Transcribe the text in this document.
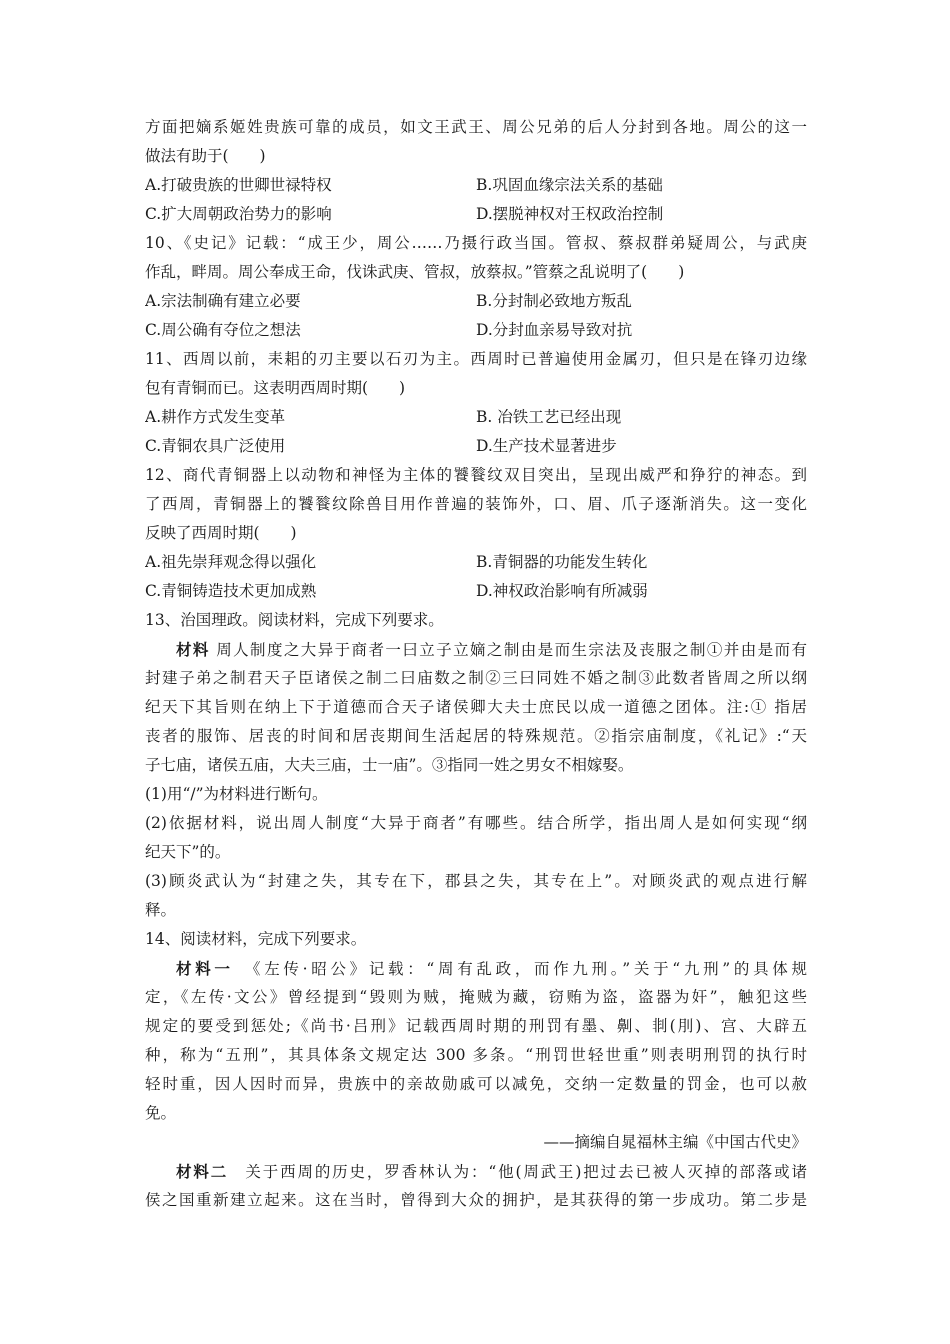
方面把嫡系姬姓贵族可靠的成员，如文王武王、周公兄弟的后人分封到各地。周公的这一
做法有助于(　　)
A.打破贵族的世卿世禄特权	B.巩固血缘宗法关系的基础
C.扩大周朝政治势力的影响	D.摆脱神权对王权政治控制
10、《史记》记载：“成王少，周公……乃摄行政当国。管叔、蔡叔群弟疑周公，与武庚
作乱，畔周。周公奉成王命，伐诛武庚、管叔，放蔡叔。”管蔡之乱说明了(　　)
A.宗法制确有建立必要	B.分封制必致地方叛乱
C.周公确有夺位之想法	D.分封血亲易导致对抗
11、西周以前，耒耜的刃主要以石刃为主。西周时已普遍使用金属刃，但只是在锋刃边缘
包有青铜而已。这表明西周时期(　　)
A.耕作方式发生变革	B. 冶铁工艺已经出现
C.青铜农具广泛使用	D.生产技术显著进步
12、商代青铜器上以动物和神怪为主体的饕餮纹双目突出，呈现出威严和狰狞的神态。到
了西周，青铜器上的饕餮纹除兽目用作普遍的装饰外，口、眉、爪子逐渐消失。这一变化
反映了西周时期(　　)
A.祖先崇拜观念得以强化	B.青铜器的功能发生转化
C.青铜铸造技术更加成熟	D.神权政治影响有所减弱
13、治国理政。阅读材料，完成下列要求。
材料 周人制度之大异于商者一曰立子立嫡之制由是而生宗法及丧服之制①并由是而有
封建子弟之制君天子臣诸侯之制二曰庙数之制②三曰同姓不婚之制③此数者皆周之所以纲
纪天下其旨则在纳上下于道德而合天子诸侯卿大夫士庶民以成一道德之团体。注:① 指居
丧者的服饰、居丧的时间和居丧期间生活起居的特殊规范。②指宗庙制度，《礼记》:“天
子七庙，诸侯五庙，大夫三庙，士一庙”。③指同一姓之男女不相嫁娶。
(1)用“/”为材料进行断句。
(2)依据材料，说出周人制度“大异于商者”有哪些。结合所学，指出周人是如何实现“纲
纪天下”的。
(3)顾炎武认为“封建之失，其专在下，郡县之失，其专在上”。对顾炎武的观点进行解
释。
14、阅读材料，完成下列要求。
材料一　《左传·昭公》记载：“周有乱政，而作九刑。”关于“九刑”的具体规
定，《左传·文公》曾经提到“毁则为贼，掩贼为藏，窃贿为盗，盗器为奸”，触犯这些
规定的要受到惩处;《尚书·吕刑》记载西周时期的刑罚有墨、劓、剕(刖)、宫、大辟五
种，称为“五刑”，其具体条文规定达 300 多条。“刑罚世轻世重”则表明刑罚的执行时
轻时重，因人因时而异，贵族中的亲故勋戚可以减免，交纳一定数量的罚金，也可以赦
免。
——摘编自晁福林主编《中国古代史》
材料二　关于西周的历史，罗香林认为：“他(周武王)把过去已被人灭掉的部落或诸
侯之国重新建立起来。这在当时，曾得到大众的拥护，是其获得的第一步成功。第二步是
